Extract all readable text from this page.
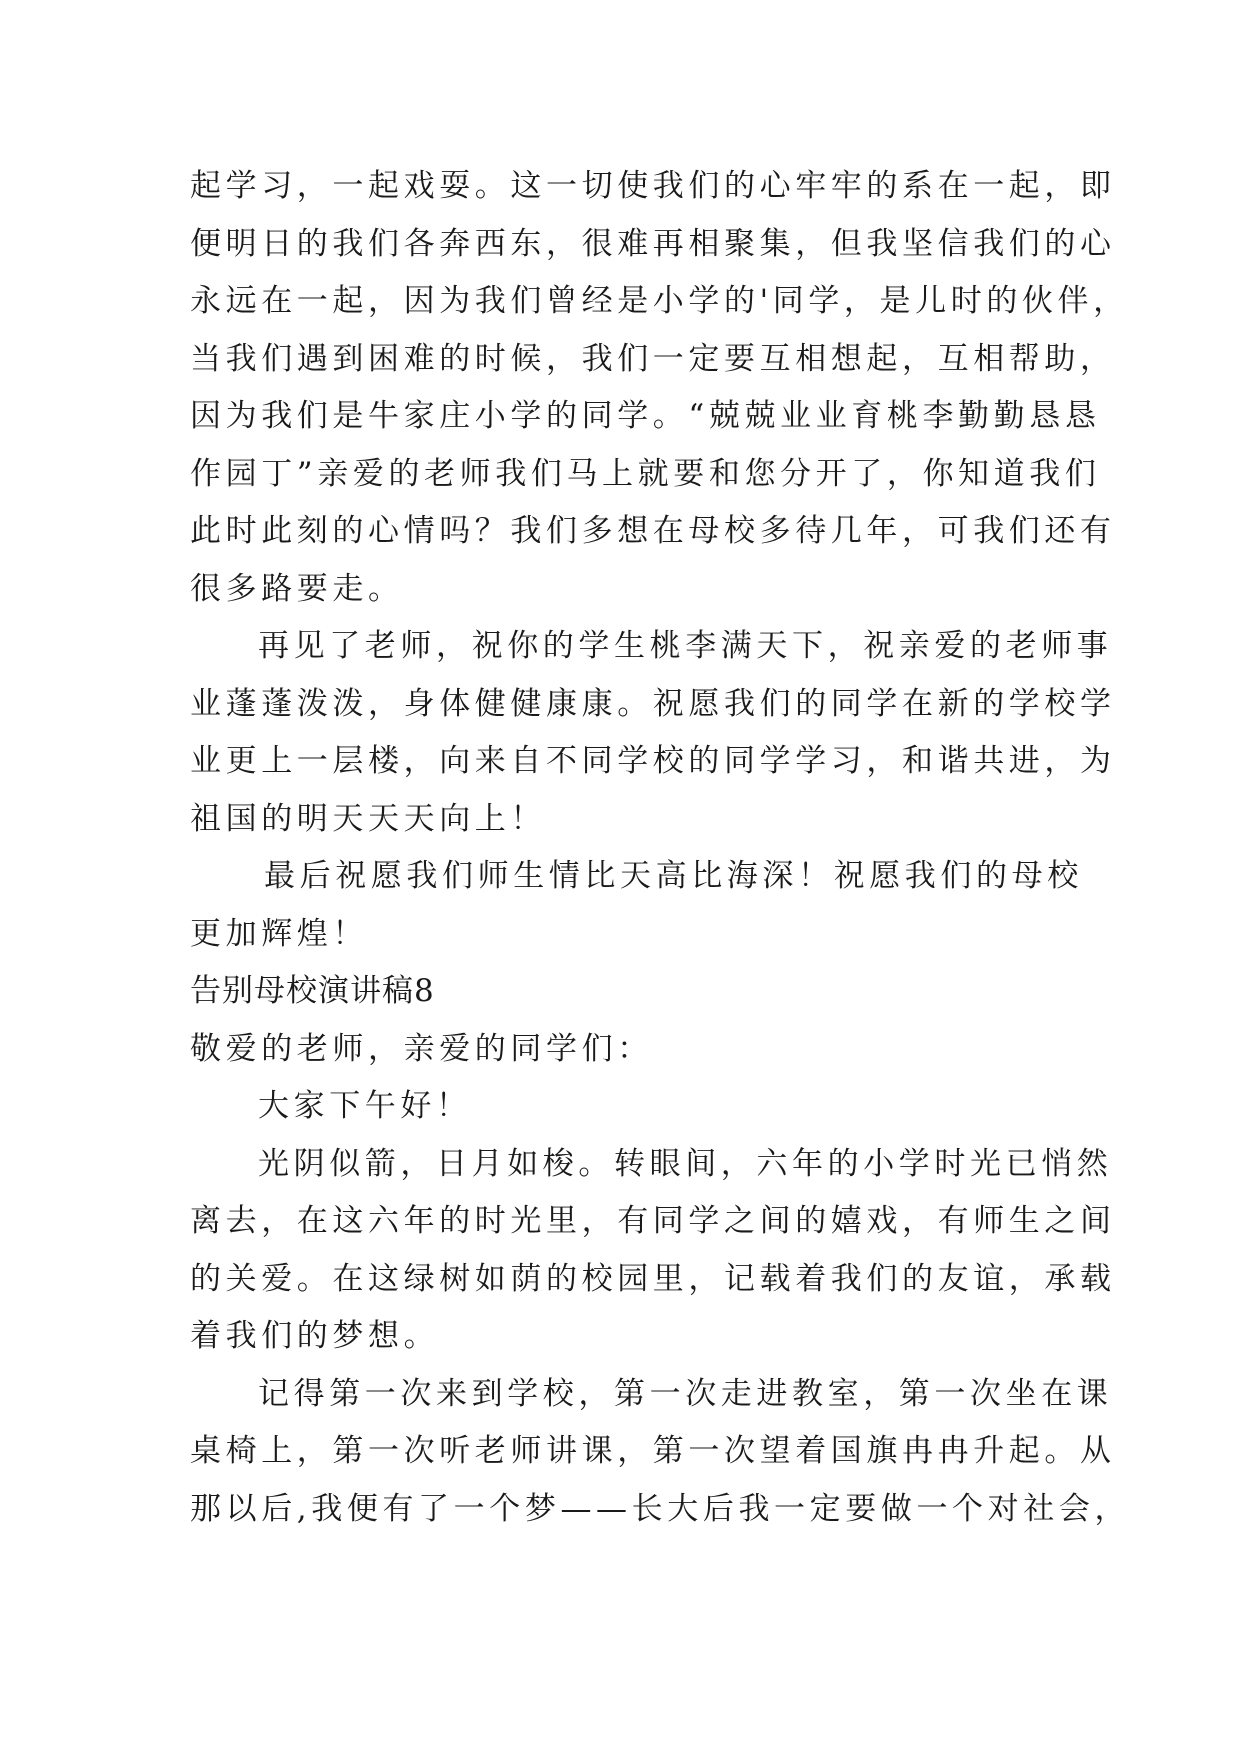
起学习，一起戏耍。这一切使我们的心牢牢的系在一起，即
便明日的我们各奔西东，很难再相聚集，但我坚信我们的心
永远在一起，因为我们曾经是小学的'同学，是儿时的伙伴，
当我们遇到困难的时候，我们一定要互相想起，互相帮助，
因为我们是牛家庄小学的同学。“兢兢业业育桃李勤勤恳恳
作园丁”亲爱的老师我们马上就要和您分开了，你知道我们
此时此刻的心情吗？我们多想在母校多待几年，可我们还有
很多路要走。
再见了老师，祝你的学生桃李满天下，祝亲爱的老师事
业蓬蓬泼泼，身体健健康康。祝愿我们的同学在新的学校学
业更上一层楼，向来自不同学校的同学学习，和谐共进，为
祖国的明天天天向上！
最后祝愿我们师生情比天高比海深！祝愿我们的母校
更加辉煌！
告别母校演讲稿8
敬爱的老师，亲爱的同学们：
大家下午好！
光阴似箭，日月如梭。转眼间，六年的小学时光已悄然
离去，在这六年的时光里，有同学之间的嬉戏，有师生之间
的关爱。在这绿树如荫的校园里，记载着我们的友谊，承载
着我们的梦想。
记得第一次来到学校，第一次走进教室，第一次坐在课
桌椅上，第一次听老师讲课，第一次望着国旗冉冉升起。从
那以后,我便有了一个梦——长大后我一定要做一个对社会，
